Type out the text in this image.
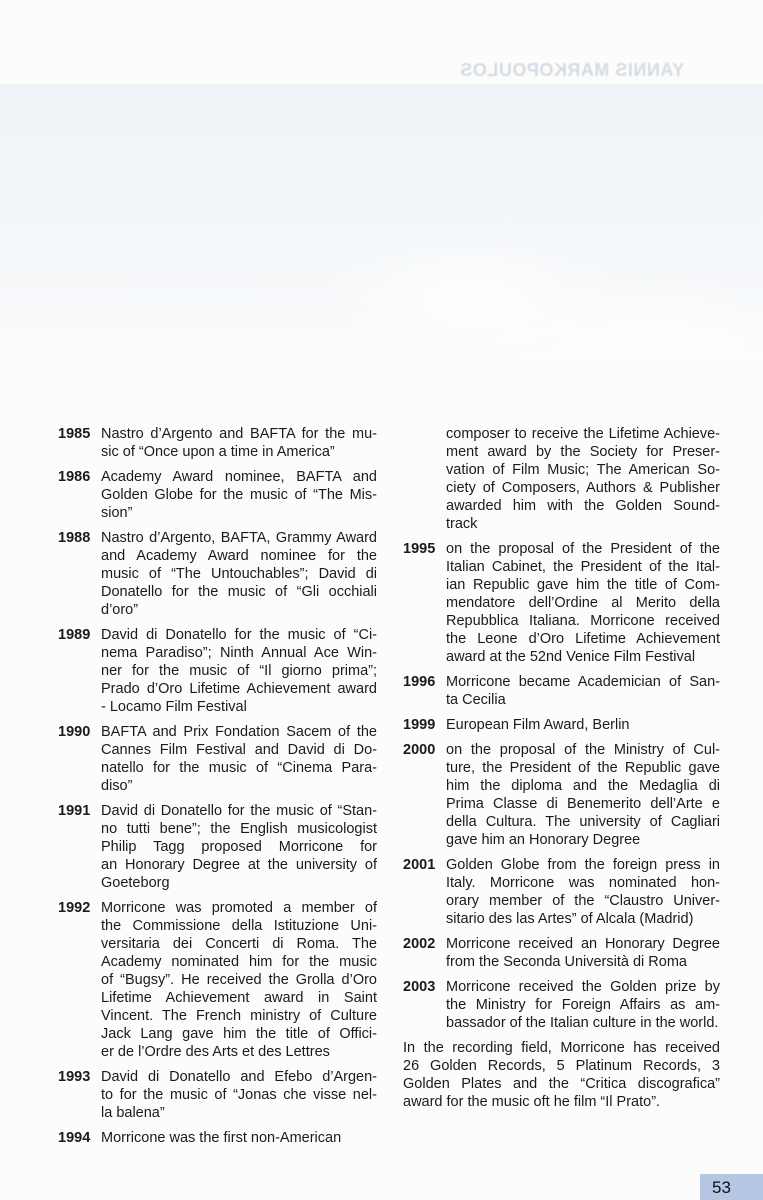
YANNIS MARKOPOULOS
1985 Nastro d’Argento and BAFTA for the mu-
sic of “Once upon a time in America”
1986 Academy Award nominee, BAFTA and
Golden Globe for the music of “The Mis-
sion”
1988 Nastro d’Argento, BAFTA, Grammy Award
and Academy Award nominee for the
music of “The Untouchables”; David di
Donatello for the music of “Gli occhiali
d’oro”
1989 David di Donatello for the music of “Ci-
nema Paradiso”; Ninth Annual Ace Win-
ner for the music of “Il giorno prima”;
Prado d’Oro Lifetime Achievement award
- Locamo Film Festival
1990 BAFTA and Prix Fondation Sacem of the
Cannes Film Festival and David di Do-
natello for the music of “Cinema Para-
diso”
1991 David di Donatello for the music of “Stan-
no tutti bene”; the English musicologist
Philip Tagg proposed Morricone for
an Honorary Degree at the university of
Goeteborg
1992 Morricone was promoted a member of
the Commissione della Istituzione Uni-
versitaria dei Concerti di Roma. The
Academy nominated him for the music
of “Bugsy”. He received the Grolla d’Oro
Lifetime Achievement award in Saint
Vincent. The French ministry of Culture
Jack Lang gave him the title of Offici-
er de l’Ordre des Arts et des Lettres
1993 David di Donatello and Efebo d’Argen-
to for the music of “Jonas che visse nel-
la balena”
1994 Morricone was the first non-American
composer to receive the Lifetime Achieve-
ment award by the Society for Preser-
vation of Film Music; The American So-
ciety of Composers, Authors & Publisher
awarded him with the Golden Sound-
track
1995 on the proposal of the President of the
Italian Cabinet, the President of the Ital-
ian Republic gave him the title of Com-
mendatore dell’Ordine al Merito della
Repubblica Italiana. Morricone received
the Leone d’Oro Lifetime Achievement
award at the 52nd Venice Film Festival
1996 Morricone became Academician of San-
ta Cecilia
1999 European Film Award, Berlin
2000 on the proposal of the Ministry of Cul-
ture, the President of the Republic gave
him the diploma and the Medaglia di
Prima Classe di Benemerito dell’Arte e
della Cultura. The university of Cagliari
gave him an Honorary Degree
2001 Golden Globe from the foreign press in
Italy. Morricone was nominated hon-
orary member of the “Claustro Univer-
sitario des las Artes” of Alcala (Madrid)
2002 Morricone received an Honorary Degree
from the Seconda Università di Roma
2003 Morricone received the Golden prize by
the Ministry for Foreign Affairs as am-
bassador of the Italian culture in the world.
In the recording field, Morricone has received
26 Golden Records, 5 Platinum Records, 3
Golden Plates and the “Critica discografica”
award for the music oft he film “Il Prato”.
53
